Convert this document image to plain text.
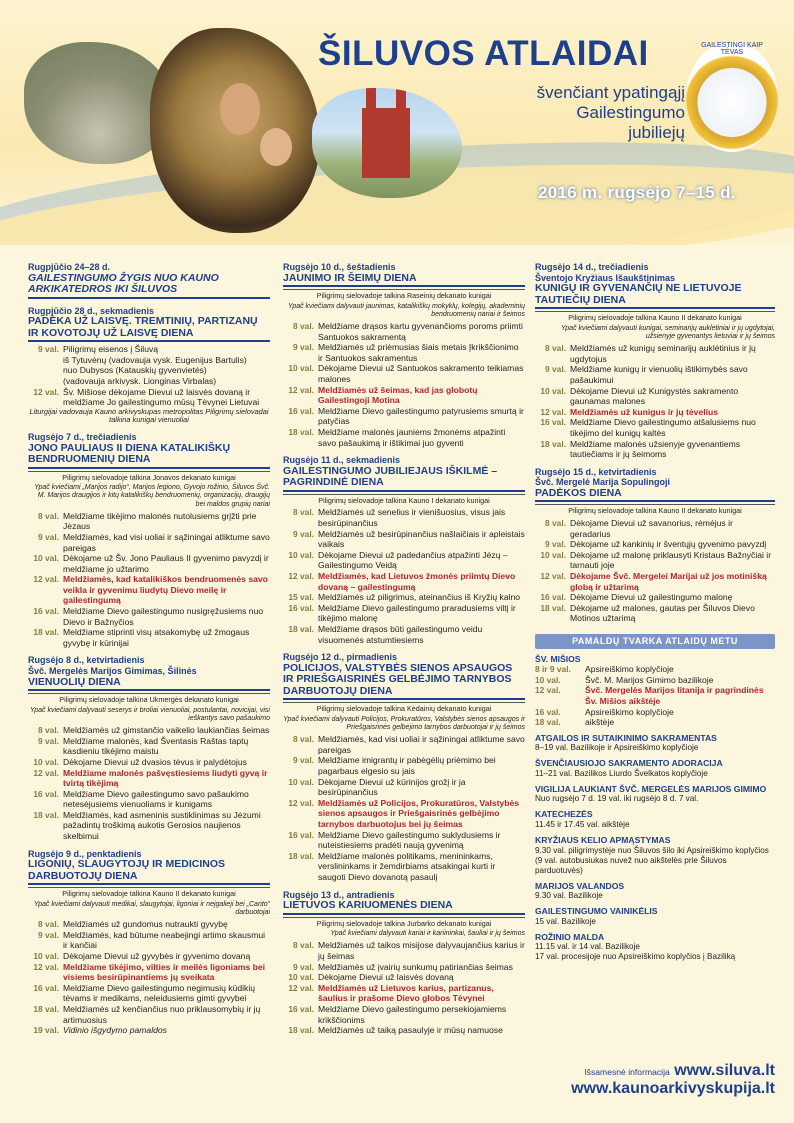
ŠILUVOS ATLAIDAI
švenčiant ypatingąjį
Gailestingumo
jubiliejų
GAILESTINGI KAIP TĖVAS
2016 m. rugsėjo 7–15 d.
Rugpjūčio 24–28 d.
GAILESTINGUMO ŽYGIS NUO KAUNO ARKIKATEDROS IKI ŠILUVOS
Rugpjūčio 28 d., sekmadienis
PADĖKA UŽ LAISVĘ. TREMTINIŲ, PARTIZANŲ IR KOVOTOJŲ UŽ LAISVĘ DIENA
9 val. Piligrimų eisenos į Šiluvą
iš Tytuvėnų (vadovauja vysk. Eugenijus Bartulis)
nuo Dubysos (Katauskių gyvenvietės)
(vadovauja arkivysk. Lionginas Virbalas)
12 val. Šv. Mišiose dėkojame Dievui už laisvės dovaną ir meldžiame Jo gailestingumo mūsų Tėvynei Lietuvai
Liturgijai vadovauja Kauno arkivyskupas metropolitas Piligrimų sielovadai talkina kunigai vienuoliai
Rugsėjo 7 d., trečiadienis
JONO PAULIAUS II DIENA KATALIKIŠKŲ BENDRUOMENIŲ DIENA
Piligrimų sielovadoje talkina Jonavos dekanato kunigai
Ypač kviečiami „Marijos radijo“, Marijos legiono, Gyvojo rožinio, Šiluvos Švč. M. Marijos draugijos ir kitų katalikiškų bendruomenių, organizacijų, draugijų bei maldos grupių nariai
8 val. Meldžiame tikėjimo malonės nutolusiems grįžti prie Jėzaus
9 val. Meldžiamės, kad visi uoliai ir sąžiningai atliktume savo pareigas
10 val. Dėkojame už Šv. Jono Pauliaus II gyvenimo pavyzdį ir meldžiame jo užtarimo
12 val. Meldžiamės, kad katalikiškos bendruomenės savo veikla ir gyvenimu liudytų Dievo meilę ir gailestingumą
16 val. Meldžiame Dievo gailestingumo nusigręžusiems nuo Dievo ir Bažnyčios
18 val. Meldžiame stiprinti visų atsakomybę už žmogaus gyvybę ir kūrinijai
Rugsėjo 8 d., ketvirtadienis
Švč. Mergelės Marijos Gimimas, Šilinės
VIENUOLIŲ DIENA
Piligrimų sielovadoje talkina Ukmergės dekanato kunigai
Ypač kviečiami dalyvauti seserys ir broliai vienuoliai, postulantai, novicijai, visi ieškantys savo pašaukimo
8 val. Meldžiamės už gimstančio vaikelio laukiančias šeimas
9 val. Meldžiame malonės, kad Šventasis Raštas taptų kasdieniu tikėjimo maistu
10 val. Dėkojame Dievui už dvasios tėvus ir palydėtojus
12 val. Meldžiame malonės pašvęstiesiems liudyti gyvą ir tvirtą tikėjimą
16 val. Meldžiame Dievo gailestingumo savo pašaukimo netesėjusiems vienuoliams ir kunigams
18 val. Meldžiamės, kad asmeninis sustiklinimas su Jėzumi pažadintų troškimą aukotis Gerosios naujienos skelbimui
Rugsėjo 9 d., penktadienis
LIGONIŲ, SLAUGYTOJŲ IR MEDICINOS DARBUOTOJŲ DIENA
Piligrimų sielovadoje talkina Kauno II dekanato kunigai
Ypač kviečiami dalyvauti medikai, slaugytojai, ligoniai ir neįgalieji bei „Carito“ darbuotojai
8 val. Meldžiamės už gundomus nutraukti gyvybę
9 val. Meldžiamės, kad būtume neabejingi artimo skausmui ir kančiai
10 val. Dėkojame Dievui už gyvybės ir gyvenimo dovaną
12 val. Meldžiame tikėjimo, vilties ir meilės ligoniams bei visiems besirūpinantiems jų sveikata
16 val. Meldžiame Dievo gailestingumo negimusių kūdikių tėvams ir medikams, neleidusiems gimti gyvybei
18 val. Meldžiamės už kenčiančius nuo priklausomybių ir jų artimuosius
19 val. Vidinio išgydymo pamaldos
Rugsėjo 10 d., šeštadienis
JAUNIMO IR ŠEIMŲ DIENA
Piligrimų sielovadoje talkina Raseinių dekanato kunigai
Ypač kviečiami dalyvauti jaunimas, katalikiškų mokyklų, kolegijų, akademinių bendruomenių nariai ir šeimos
8 val. Meldžiame drąsos kartu gyvenančioms poroms priimti Santuokos sakramentą
9 val. Meldžiamės už priėmusias šiais metais Įkrikščionimo ir Santuokos sakramentus
10 val. Dėkojame Dievui už Santuokos sakramento teikiamas malones
12 val. Meldžiamės už šeimas, kad jas globotų Gailestingoji Motina
16 val. Meldžiame Dievo gailestingumo patyrusiems smurtą ir patyčias
18 val. Meldžiame malonės jauniems žmonėms atpažinti savo pašaukimą ir ištikimai juo gyventi
Rugsėjo 11 d., sekmadienis
GAILESTINGUMO JUBILIEJAUS IŠKILMĖ – PAGRINDINĖ DIENA
Piligrimų sielovadoje talkina Kauno I dekanato kunigai
8 val. Meldžiamės už senelius ir vienišuosius, visus jais besirūpinančius
9 val. Meldžiamės už besirūpinančius našlaičiais ir apleistais vaikais
10 val. Dėkojame Dievui už padedančius atpažinti Jėzų – Gailestingumo Veidą
12 val. Meldžiamės, kad Lietuvos žmonės priimtų Dievo dovaną – gailestingumą
15 val. Meldžiamės už piligrimus, ateinančius iš Kryžių kalno
16 val. Meldžiame Dievo gailestingumo praradusiems viltį ir tikėjimo malonę
18 val. Meldžiame drąsos būti gailestingumo veidu visuomenės atstumtiesiems
Rugsėjo 12 d., pirmadienis
POLICIJOS, VALSTYBĖS SIENOS APSAUGOS IR PRIEŠGAISRINĖS GELBĖJIMO TARNYBOS DARBUOTOJŲ DIENA
Piligrimų sielovadoje talkina Kėdainių dekanato kunigai
Ypač kviečiami dalyvauti Policijos, Prokuratūros, Valstybės sienos apsaugos ir Priešgaisrinės gelbėjimo tarnybos darbuotojai ir jų šeimos
8 val. Meldžiamės, kad visi uoliai ir sąžiningai atliktume savo pareigas
9 val. Meldžiame imigrantų ir pabėgėlių priėmimo bei pagarbaus elgesio su jais
10 val. Dėkojame Dievui už kūrinijos grožį ir ja besirūpinančius
12 val. Meldžiamės už Policijos, Prokuratūros, Valstybės sienos apsaugos ir Priešgaisrinės gelbėjimo tarnybos darbuotojus bei jų šeimas
16 val. Meldžiame Dievo gailestingumo suklydusiems ir nuteistiesiems pradėti naują gyvenimą
18 val. Meldžiame malonės politikams, menininkams, verslininkams ir žemdirbiams atsakingai kurti ir saugoti Dievo dovanotą pasaulį
Rugsėjo 13 d., antradienis
LIETUVOS KARIUOMENĖS DIENA
Piligrimų sielovadoje talkina Jurbarko dekanato kunigai
Ypač kviečiami dalyvauti kariai ir kariininkai, šauliai ir jų šeimos
8 val. Meldžiamės už taikos misijose dalyvaujančius karius ir jų šeimas
9 val. Meldžiamės už įvairių sunkumų patiriančias šeimas
10 val. Dėkojame Dievui už laisvės dovaną
12 val. Meldžiamės už Lietuvos karius, partizanus, šaulius ir prašome Dievo globos Tėvynei
16 val. Meldžiame Dievo gailestingumo persekiojamiems krikščionims
18 val. Meldžiamės už taiką pasaulyje ir mūsų namuose
Rugsėjo 14 d., trečiadienis
Šventojo Kryžiaus Išaukštinimas
KUNIGŲ IR GYVENANČIŲ NE LIETUVOJE TAUTIEČIŲ DIENA
Piligrimų sielovadoje talkina Kauno II dekanato kunigai
Ypač kviečiami dalyvauti kunigai, seminarijų auklėtiniai ir jų ugdytojai, užsienyje gyvenantys lietuviai ir jų šeimos
8 val. Meldžiamės už kunigų seminarijų auklėtinius ir jų ugdytojus
9 val. Meldžiame kunigų ir vienuolių ištikimybės savo pašaukimui
10 val. Dėkojame Dievui už Kunigystės sakramento gaunamas malones
12 val. Meldžiamės už kunigus ir jų tėvelius
16 val. Meldžiame Dievo gailestingumo atšalusiems nuo tikėjimo del kunigų kaltės
18 val. Meldžiame malonės užsienyje gyvenantiems tautiečiams ir jų šeimoms
Rugsėjo 15 d., ketvirtadienis
Švč. Mergelė Marija Sopulingoji
PADĖKOS DIENA
Piligrimų sielovadoje talkina Kauno II dekanato kunigai
8 val. Dėkojame Dievui už savanorius, rėmėjus ir geradarius
9 val. Dėkojame už kankinių ir šventųjų gyvenimo pavyzdį
10 val. Dėkojame už malonę priklausyti Kristaus Bažnyčiai ir tarnauti joje
12 val. Dėkojame Švč. Mergelei Marijai už jos motinišką globą ir užtarimą
16 val. Dėkojame Dievui už gailestingumo malonę
18 val. Dėkojame už malones, gautas per Šiluvos Dievo Motinos užtarimą
PAMALDŲ TVARKA ATLAIDŲ METU
ŠV. MIŠIOS
8 ir 9 val.	Apsireiškimo koplyčioje
10 val.	Švč. M. Marijos Gimimo bazilikoje
12 val.	Švč. Mergelės Marijos litanija ir pagrindinės Šv. Mišios aikštėje
16 val.	Apsireiškimo koplyčioje
18 val.	aikštėje
ATGAILOS IR SUTAIKINIMO SAKRAMENTAS
8–19 val. Bazilikoje ir Apsireiškimo koplyčioje
ŠVENČIAUSIOJO SAKRAMENTO ADORACIJA
11–21 val. Bazilikos Liurdo Švelkatos koplyčioje
VIGILIJA LAUKIANT ŠVČ. MERGELĖS MARIJOS GIMIMO
Nuo rugsėjo 7 d. 19 val. iki rugsėjo 8 d. 7 val.
KATECHEZĖS
11.45 ir 17.45 val. aikštėje
KRYŽIAUS KELIO APMĄSTYMAS
9.30 val. piligrimystėje nuo Šiluvos šilo iki Apsireiškimo koplyčios (9 val. autobusiukas nuvež nuo aikštelės prie Šiluvos parduotuvės)
MARIJOS VALANDOS
9.30 val. Bazilikoje
GAILESTINGUMO VAINIKĖLIS
15 val. Bazilikoje
ROŽINIO MALDA
11.15 val. ir 14 val. Bazilikoje
17 val. procesijoje nuo Apsireiškimo koplyčios į Baziliką
Išsamesnė informacija www.siluva.lt
www.kaunoarkivyskupija.lt
